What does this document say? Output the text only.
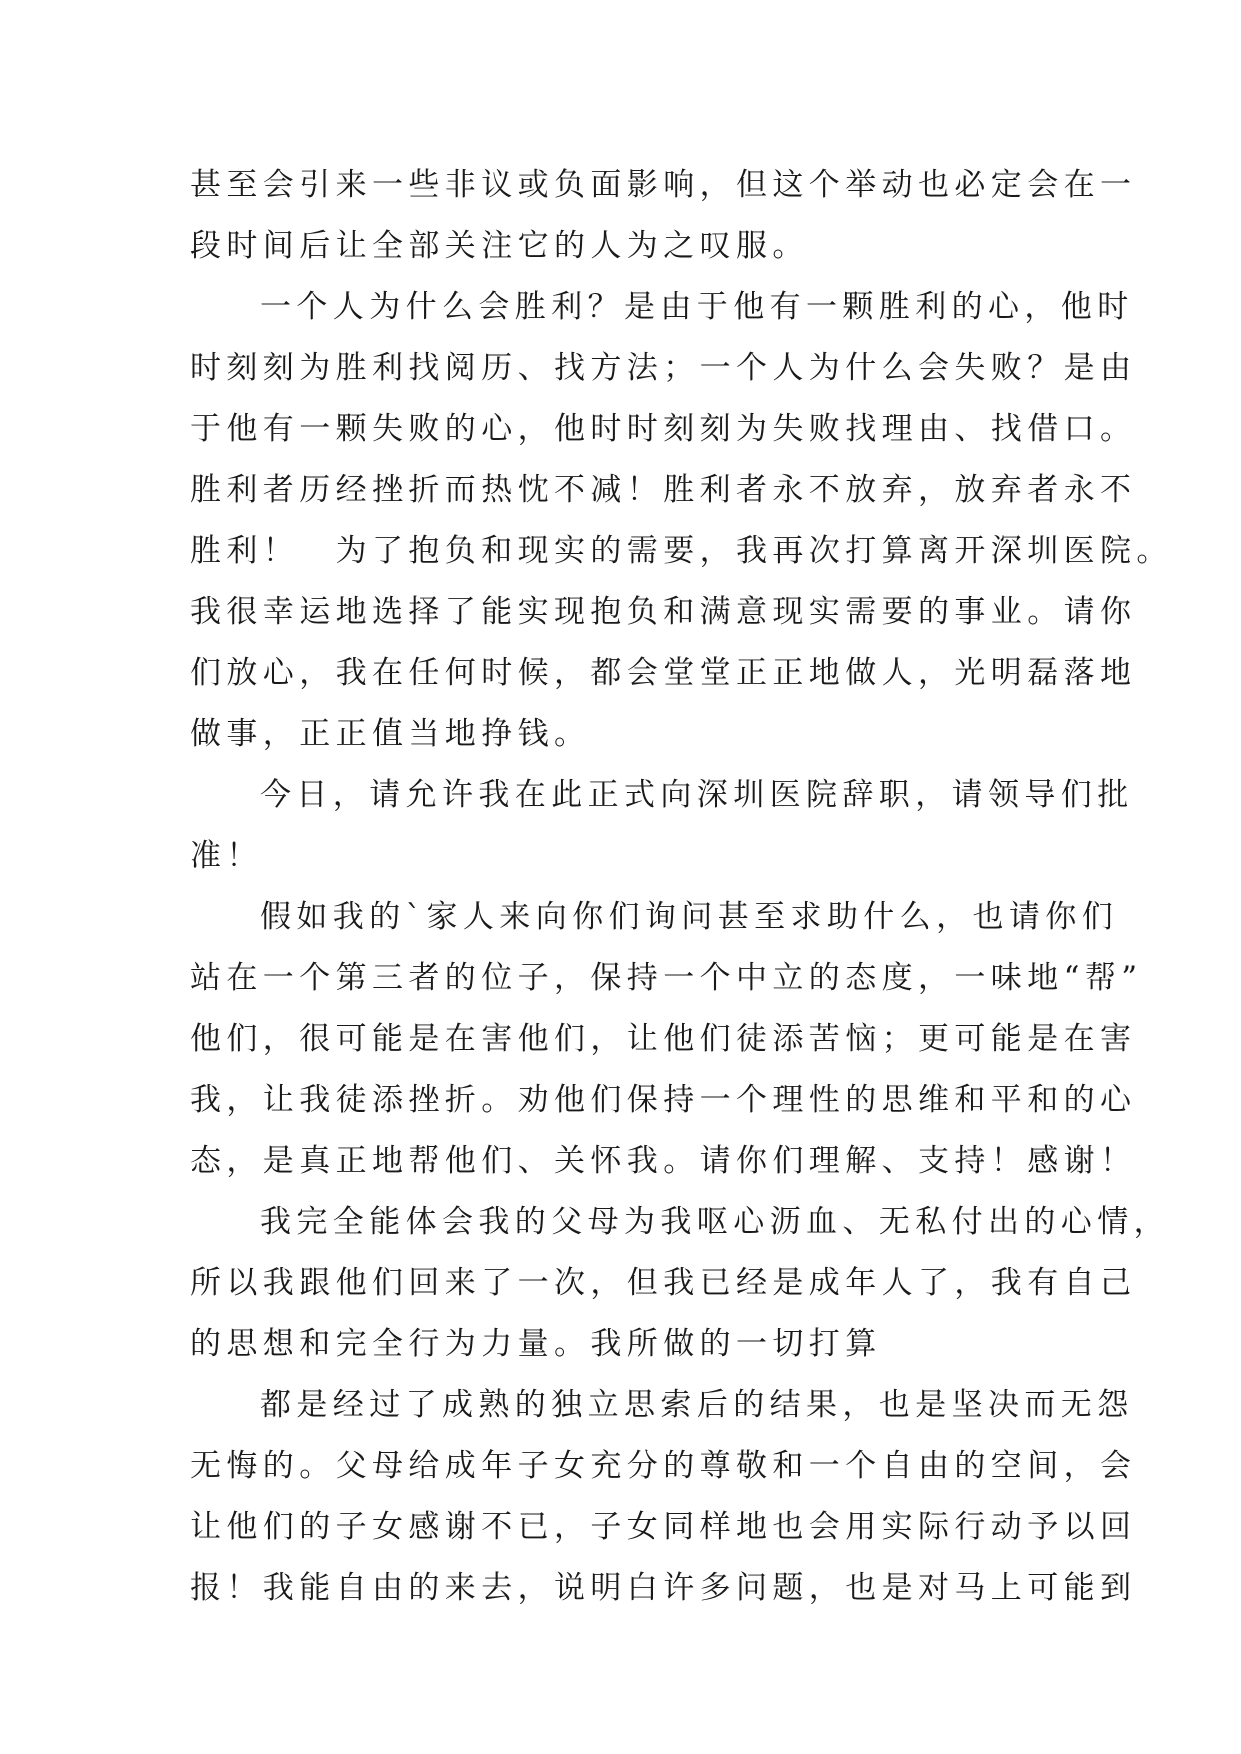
甚至会引来一些非议或负面影响，但这个举动也必定会在一
段时间后让全部关注它的人为之叹服。
一个人为什么会胜利？是由于他有一颗胜利的心，他时
时刻刻为胜利找阅历、找方法；一个人为什么会失败？是由
于他有一颗失败的心，他时时刻刻为失败找理由、找借口。
胜利者历经挫折而热忱不减！胜利者永不放弃，放弃者永不
胜利！　为了抱负和现实的需要，我再次打算离开深圳医院。
我很幸运地选择了能实现抱负和满意现实需要的事业。请你
们放心，我在任何时候，都会堂堂正正地做人，光明磊落地
做事，正正值当地挣钱。
今日，请允许我在此正式向深圳医院辞职，请领导们批
准！
假如我的`家人来向你们询问甚至求助什么，也请你们
站在一个第三者的位子，保持一个中立的态度，一味地“帮”
他们，很可能是在害他们，让他们徒添苦恼；更可能是在害
我，让我徒添挫折。劝他们保持一个理性的思维和平和的心
态，是真正地帮他们、关怀我。请你们理解、支持！感谢！
我完全能体会我的父母为我呕心沥血、无私付出的心情，
所以我跟他们回来了一次，但我已经是成年人了，我有自己
的思想和完全行为力量。我所做的一切打算
都是经过了成熟的独立思索后的结果，也是坚决而无怨
无悔的。父母给成年子女充分的尊敬和一个自由的空间，会
让他们的子女感谢不已，子女同样地也会用实际行动予以回
报！我能自由的来去，说明白许多问题，也是对马上可能到
